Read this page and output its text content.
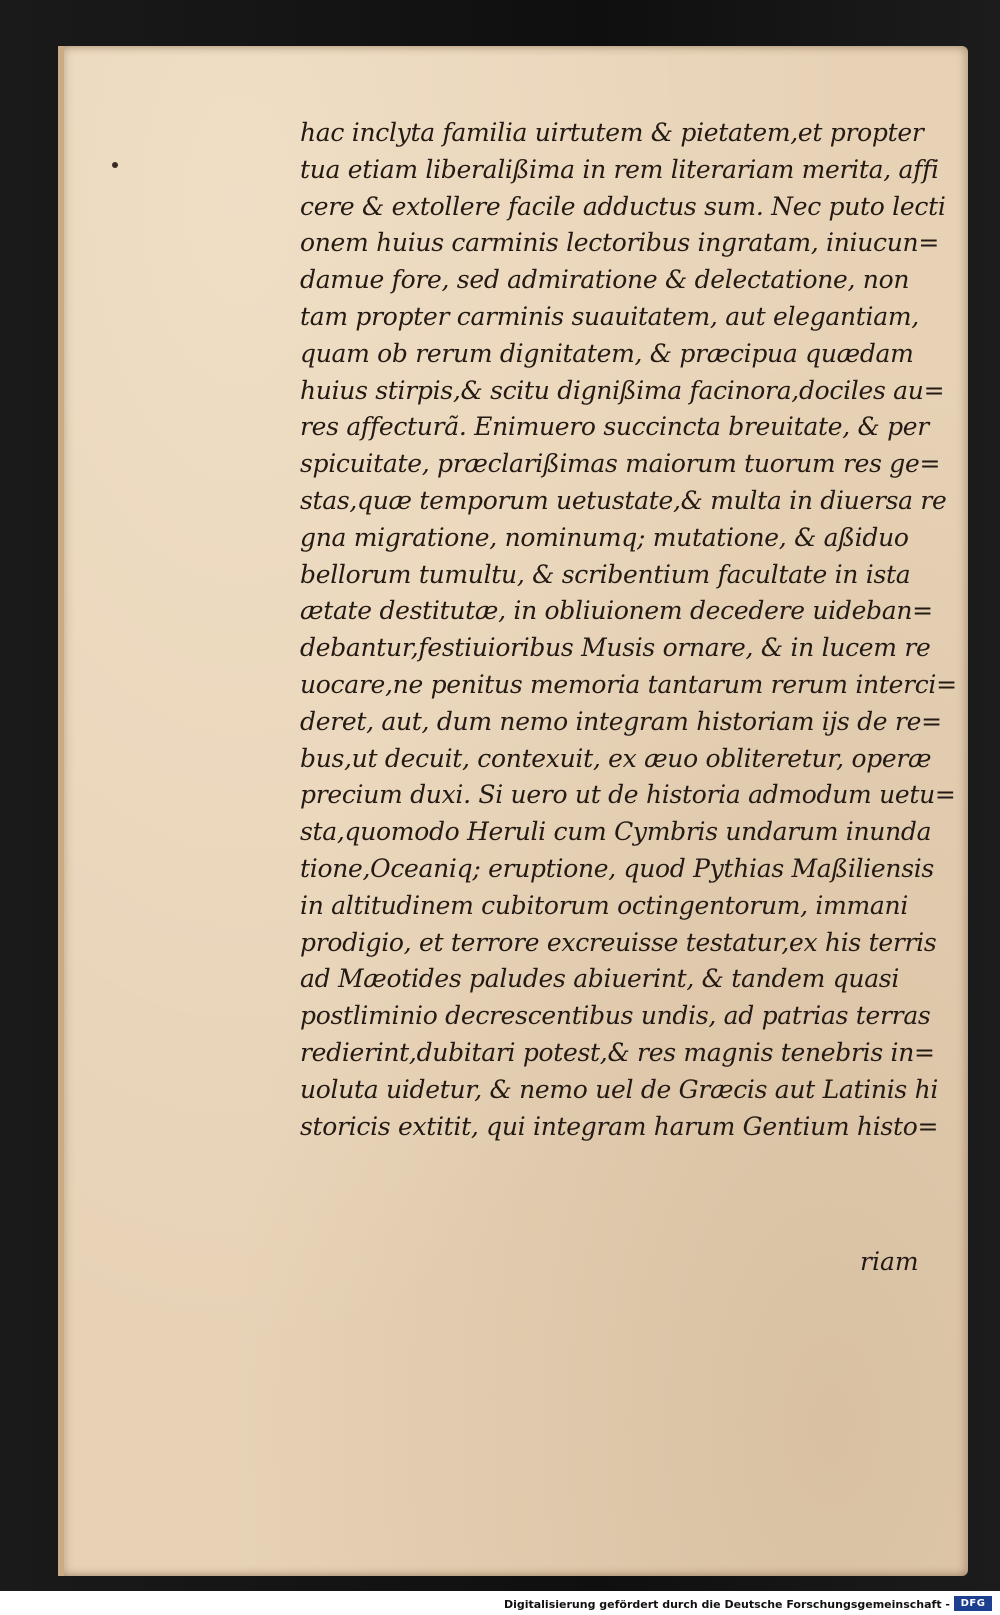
hac inclyta familia uirtutem & pietatem,et propter
tua etiam liberalißima in rem literariam merita, affi
cere & extollere facile adductus sum. Nec puto lecti
onem huius carminis lectoribus ingratam, iniucun=
damue fore, sed admiratione & delectatione, non
tam propter carminis suauitatem, aut elegantiam,
quam ob rerum dignitatem, & præcipua quædam
huius stirpis,& scitu dignißima facinora,dociles au=
res affecturã. Enimuero succincta breuitate, & per
spicuitate, præclarißimas maiorum tuorum res ge=
stas,quæ temporum uetustate,& multa in diuersa re
gna migratione, nominumq; mutatione, & aßiduo
bellorum tumultu, & scribentium facultate in ista
ætate destitutæ, in obliuionem decedere uideban=
debantur,festiuioribus Musis ornare, & in lucem re
uocare,ne penitus memoria tantarum rerum interci=
deret, aut, dum nemo integram historiam ijs de re=
bus,ut decuit, contexuit, ex æuo obliteretur, operæ
precium duxi. Si uero ut de historia admodum uetu=
sta,quomodo Heruli cum Cymbris undarum inunda
tione,Oceaniq; eruptione, quod Pythias Maßiliensis
in altitudinem cubitorum octingentorum, immani
prodigio, et terrore excreuisse testatur,ex his terris
ad Mæotides paludes abiuerint, & tandem quasi
postliminio decrescentibus undis, ad patrias terras
redierint,dubitari potest,& res magnis tenebris in=
uoluta uidetur, & nemo uel de Græcis aut Latinis hi
storicis extitit, qui integram harum Gentium histo=
riam
Digitalisierung gefördert durch die Deutsche Forschungsgemeinschaft -	DFG
